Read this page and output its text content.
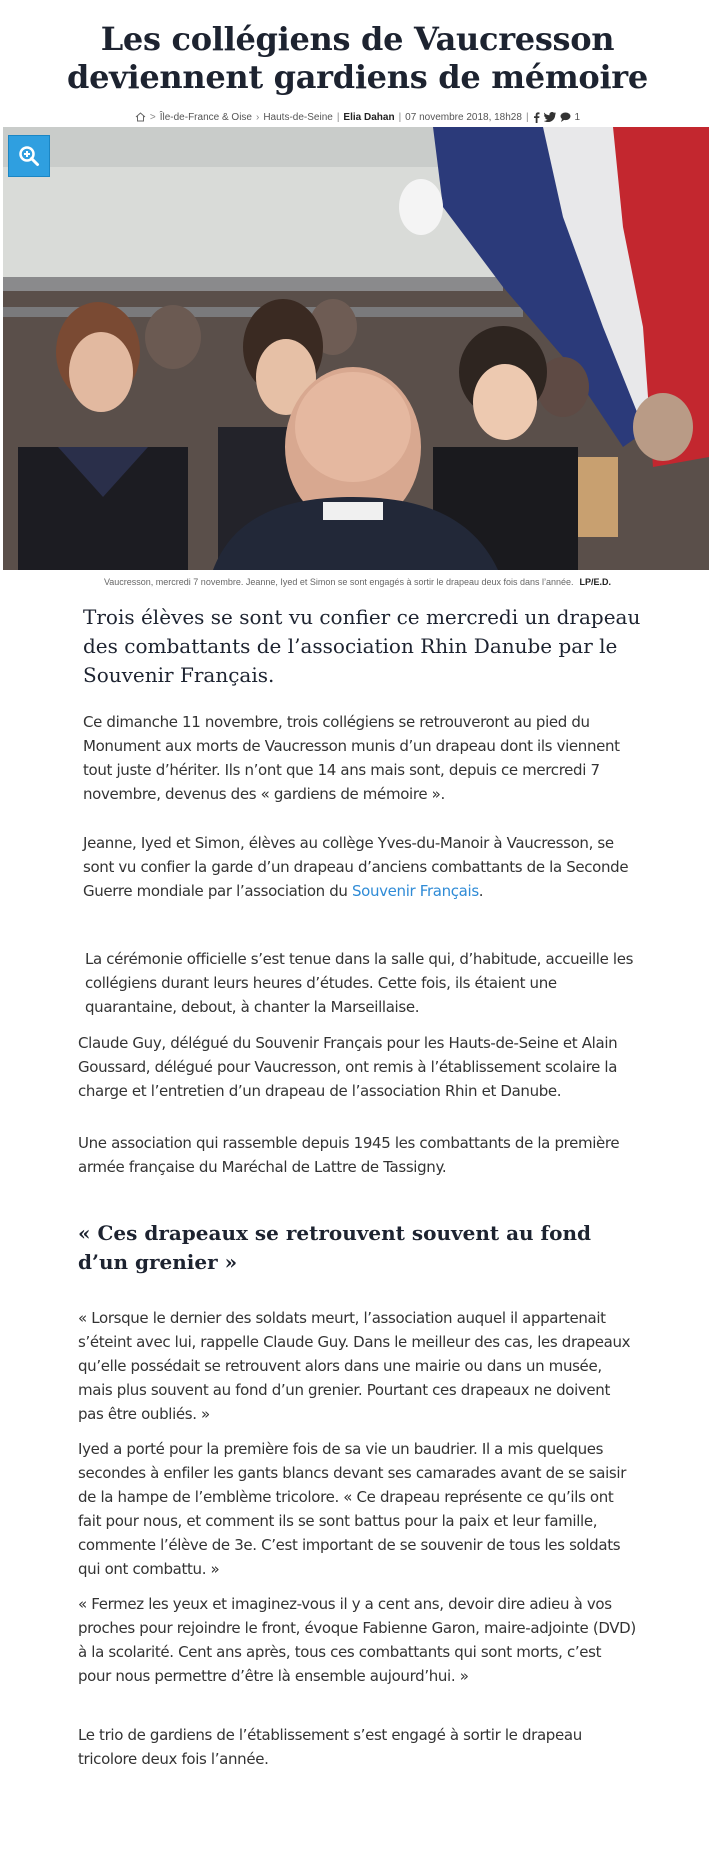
Les collégiens de Vaucresson deviennent gardiens de mémoire
> Île-de-France & Oise › Hauts-de-Seine | Elia Dahan | 07 novembre 2018, 18h28 |	1
Vaucresson, mercredi 7 novembre. Jeanne, Iyed et Simon se sont engagés à sortir le drapeau deux fois dans l’année. LP/E.D.

Trois élèves se sont vu confier ce mercredi un drapeau des combattants de l’association Rhin Danube par le Souvenir Français.

Ce dimanche 11 novembre, trois collégiens se retrouveront au pied du Monument aux morts de Vaucresson munis d’un drapeau dont ils viennent tout juste d’hériter. Ils n’ont que 14 ans mais sont, depuis ce mercredi 7 novembre, devenus des « gardiens de mémoire ».

Jeanne, Iyed et Simon, élèves au collège Yves-du-Manoir à Vaucresson, se sont vu confier la garde d’un drapeau d’anciens combattants de la Seconde Guerre mondiale par l’association du Souvenir Français.

La cérémonie officielle s’est tenue dans la salle qui, d’habitude, accueille les collégiens durant leurs heures d’études. Cette fois, ils étaient une quarantaine, debout, à chanter la Marseillaise.

Claude Guy, délégué du Souvenir Français pour les Hauts-de-Seine et Alain Goussard, délégué pour Vaucresson, ont remis à l’établissement scolaire la charge et l’entretien d’un drapeau de l’association Rhin et Danube.

Une association qui rassemble depuis 1945 les combattants de la première armée française du Maréchal de Lattre de Tassigny.

« Ces drapeaux se retrouvent souvent au fond d’un grenier »

« Lorsque le dernier des soldats meurt, l’association auquel il appartenait s’éteint avec lui, rappelle Claude Guy. Dans le meilleur des cas, les drapeaux qu’elle possédait se retrouvent alors dans une mairie ou dans un musée, mais plus souvent au fond d’un grenier. Pourtant ces drapeaux ne doivent pas être oubliés. »

Iyed a porté pour la première fois de sa vie un baudrier. Il a mis quelques secondes à enfiler les gants blancs devant ses camarades avant de se saisir de la hampe de l’emblème tricolore. « Ce drapeau représente ce qu’ils ont fait pour nous, et comment ils se sont battus pour la paix et leur famille, commente l’élève de 3e. C’est important de se souvenir de tous les soldats qui ont combattu. »

« Fermez les yeux et imaginez-vous il y a cent ans, devoir dire adieu à vos proches pour rejoindre le front, évoque Fabienne Garon, maire-adjointe (DVD) à la scolarité. Cent ans après, tous ces combattants qui sont morts, c’est pour nous permettre d’être là ensemble aujourd’hui. »

Le trio de gardiens de l’établissement s’est engagé à sortir le drapeau tricolore deux fois l’année.
